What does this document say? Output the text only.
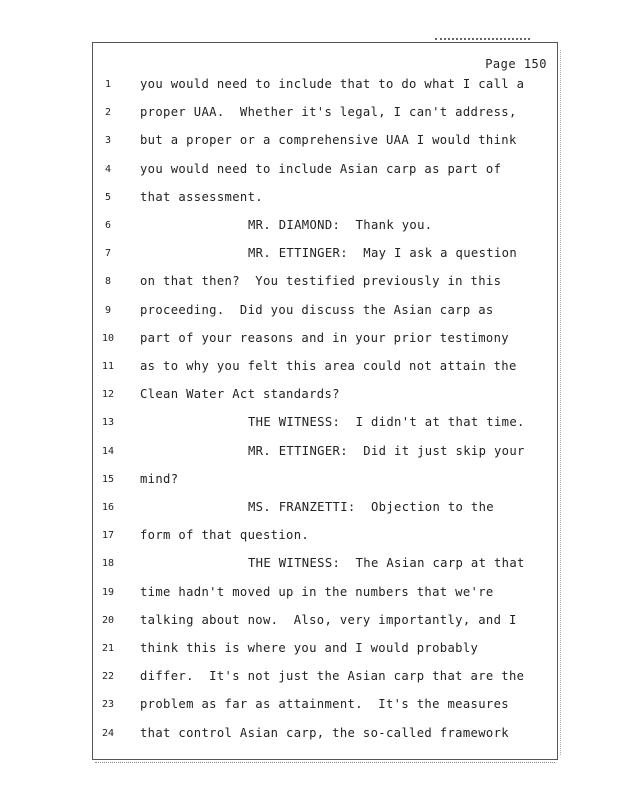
Page 150
1	you would need to include that to do what I call a
2	proper UAA.  Whether it's legal, I can't address,
3	but a proper or a comprehensive UAA I would think
4	you would need to include Asian carp as part of
5	that assessment.
6	MR. DIAMOND:  Thank you.
7	MR. ETTINGER:  May I ask a question
8	on that then?  You testified previously in this
9	proceeding.  Did you discuss the Asian carp as
10	part of your reasons and in your prior testimony
11	as to why you felt this area could not attain the
12	Clean Water Act standards?
13	THE WITNESS:  I didn't at that time.
14	MR. ETTINGER:  Did it just skip your
15	mind?
16	MS. FRANZETTI:  Objection to the
17	form of that question.
18	THE WITNESS:  The Asian carp at that
19	time hadn't moved up in the numbers that we're
20	talking about now.  Also, very importantly, and I
21	think this is where you and I would probably
22	differ.  It's not just the Asian carp that are the
23	problem as far as attainment.  It's the measures
24	that control Asian carp, the so-called framework
